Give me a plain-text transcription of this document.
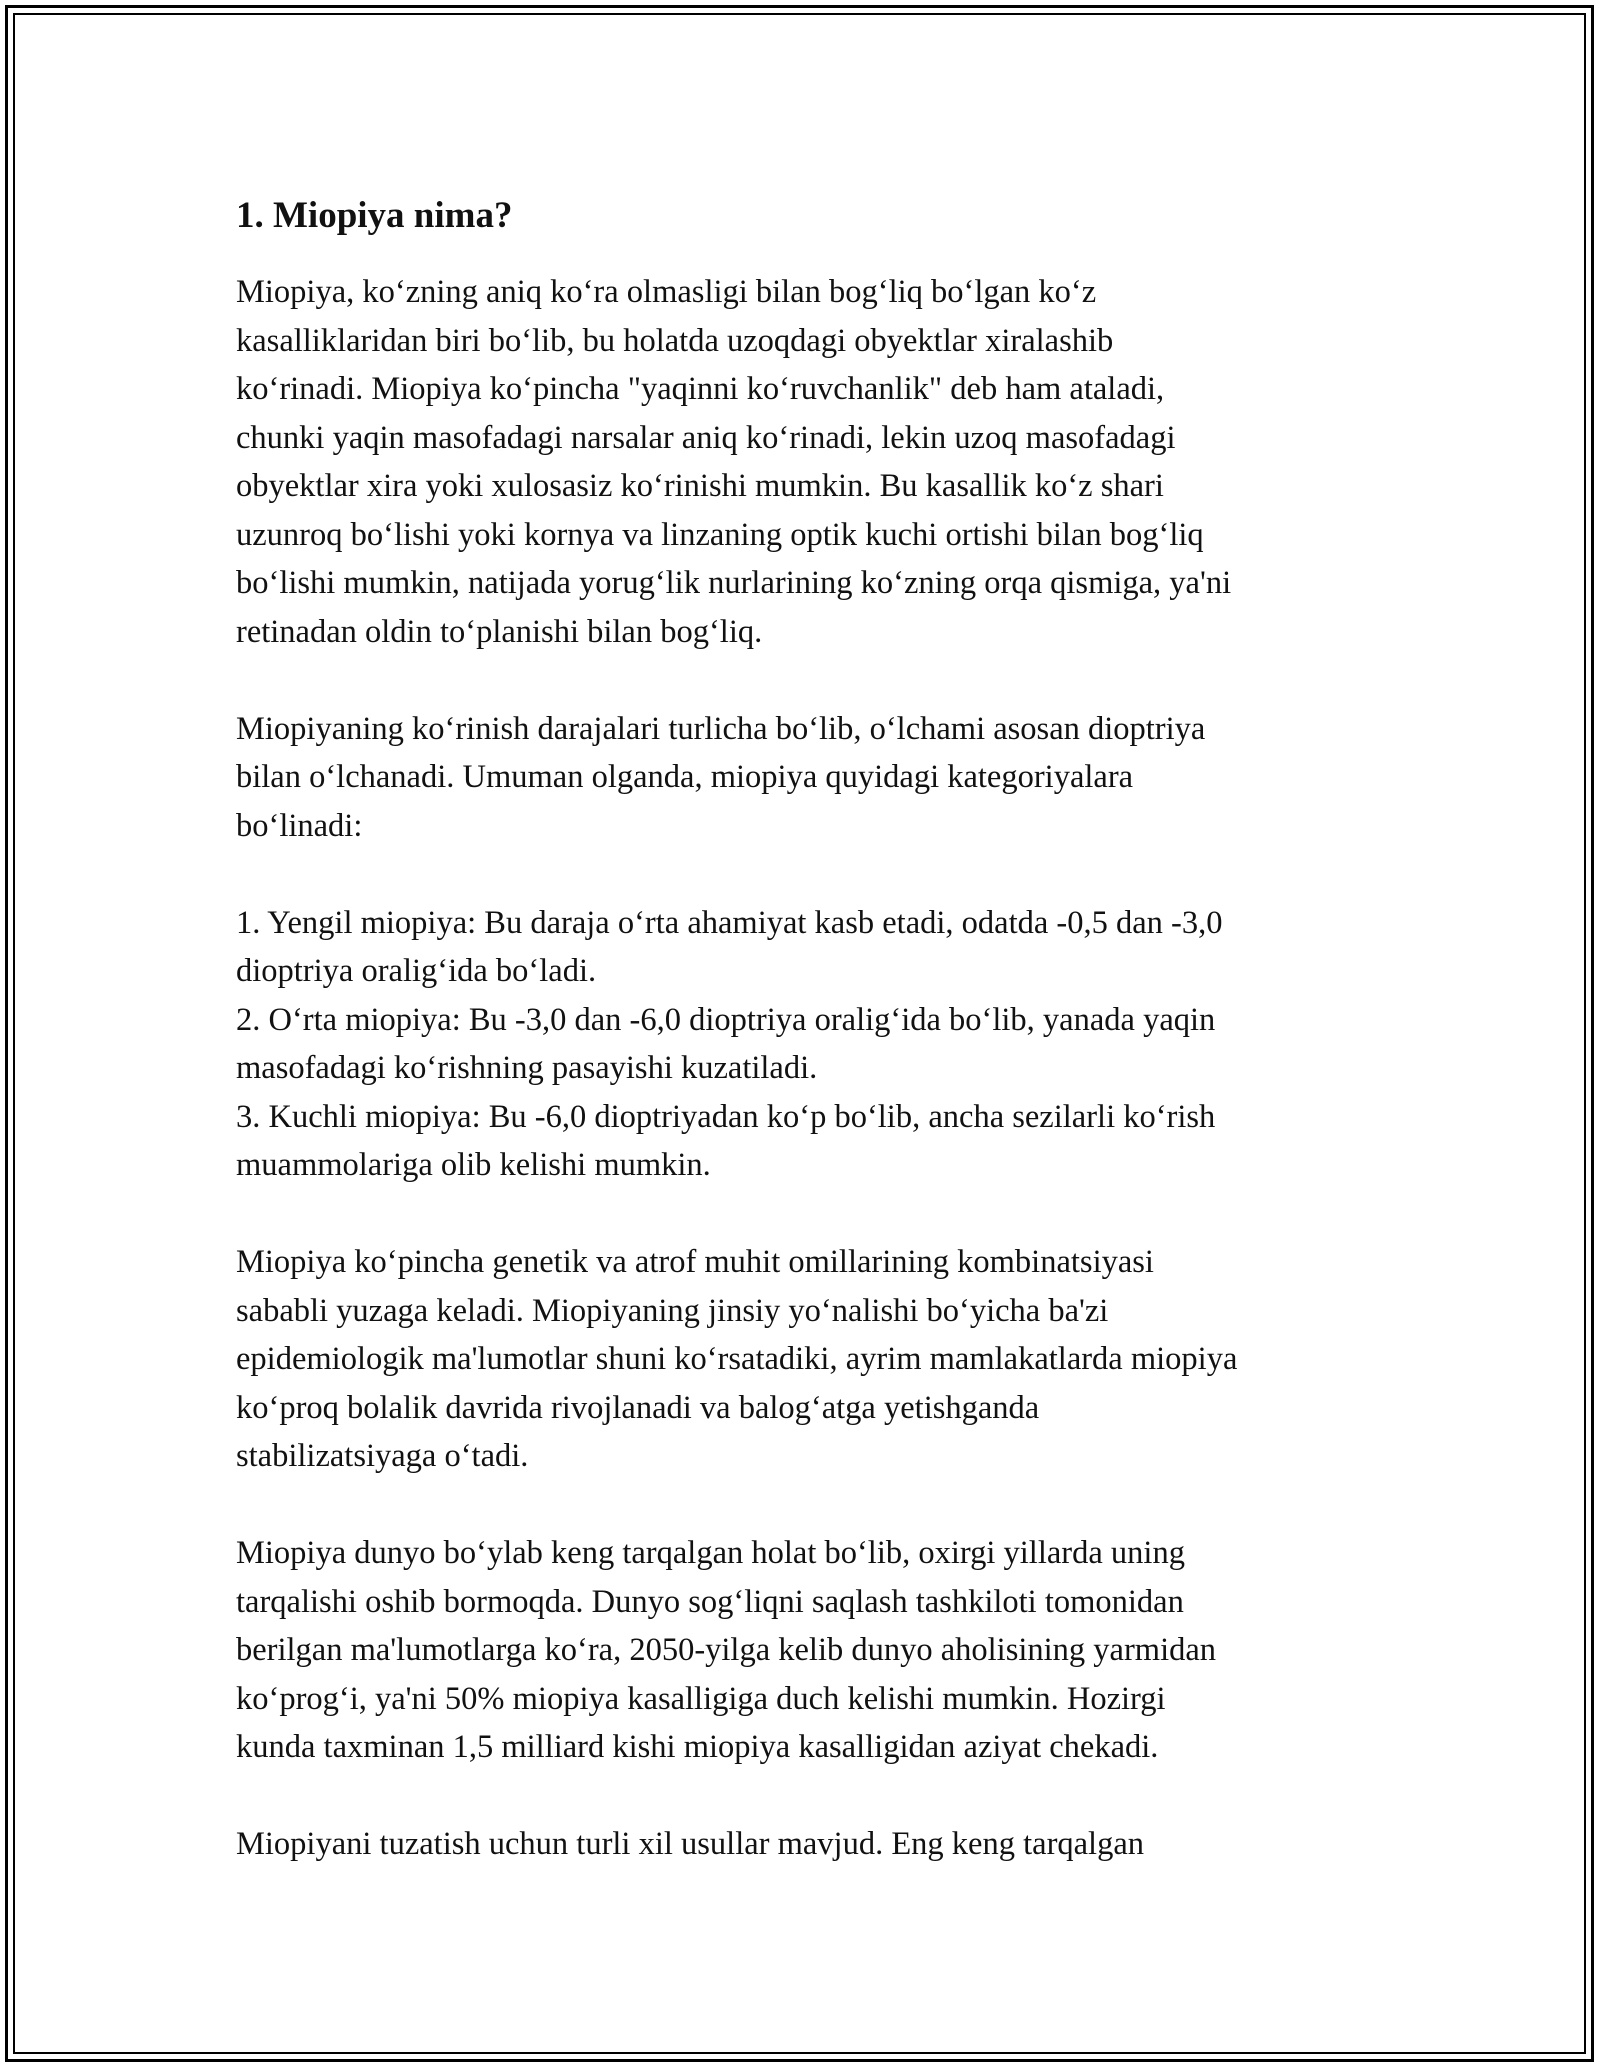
1. Miopiya nima?

Miopiya, koʻzning aniq koʻra olmasligi bilan bogʻliq boʻlgan koʻz
kasalliklaridan biri boʻlib, bu holatda uzoqdagi obyektlar xiralashib
koʻrinadi. Miopiya koʻpincha "yaqinni koʻruvchanlik" deb ham ataladi,
chunki yaqin masofadagi narsalar aniq koʻrinadi, lekin uzoq masofadagi
obyektlar xira yoki xulosasiz koʻrinishi mumkin. Bu kasallik koʻz shari
uzunroq boʻlishi yoki kornya va linzaning optik kuchi ortishi bilan bogʻliq
boʻlishi mumkin, natijada yorugʻlik nurlarining koʻzning orqa qismiga, ya'ni
retinadan oldin toʻplanishi bilan bogʻliq.

Miopiyaning koʻrinish darajalari turlicha boʻlib, oʻlchami asosan dioptriya
bilan oʻlchanadi. Umuman olganda, miopiya quyidagi kategoriyalara
boʻlinadi:

1. Yengil miopiya: Bu daraja oʻrta ahamiyat kasb etadi, odatda -0,5 dan -3,0
dioptriya oraligʻida boʻladi.
2. Oʻrta miopiya: Bu -3,0 dan -6,0 dioptriya oraligʻida boʻlib, yanada yaqin
masofadagi koʻrishning pasayishi kuzatiladi.
3. Kuchli miopiya: Bu -6,0 dioptriyadan koʻp boʻlib, ancha sezilarli koʻrish
muammolariga olib kelishi mumkin.

Miopiya koʻpincha genetik va atrof muhit omillarining kombinatsiyasi
sababli yuzaga keladi. Miopiyaning jinsiy yoʻnalishi boʻyicha ba'zi
epidemiologik ma'lumotlar shuni koʻrsatadiki, ayrim mamlakatlarda miopiya
koʻproq bolalik davrida rivojlanadi va balogʻatga yetishganda
stabilizatsiyaga oʻtadi.

Miopiya dunyo boʻylab keng tarqalgan holat boʻlib, oxirgi yillarda uning
tarqalishi oshib bormoqda. Dunyo sogʻliqni saqlash tashkiloti tomonidan
berilgan ma'lumotlarga koʻra, 2050-yilga kelib dunyo aholisining yarmidan
koʻprogʻi, ya'ni 50% miopiya kasalligiga duch kelishi mumkin. Hozirgi
kunda taxminan 1,5 milliard kishi miopiya kasalligidan aziyat chekadi.

Miopiyani tuzatish uchun turli xil usullar mavjud. Eng keng tarqalgan
